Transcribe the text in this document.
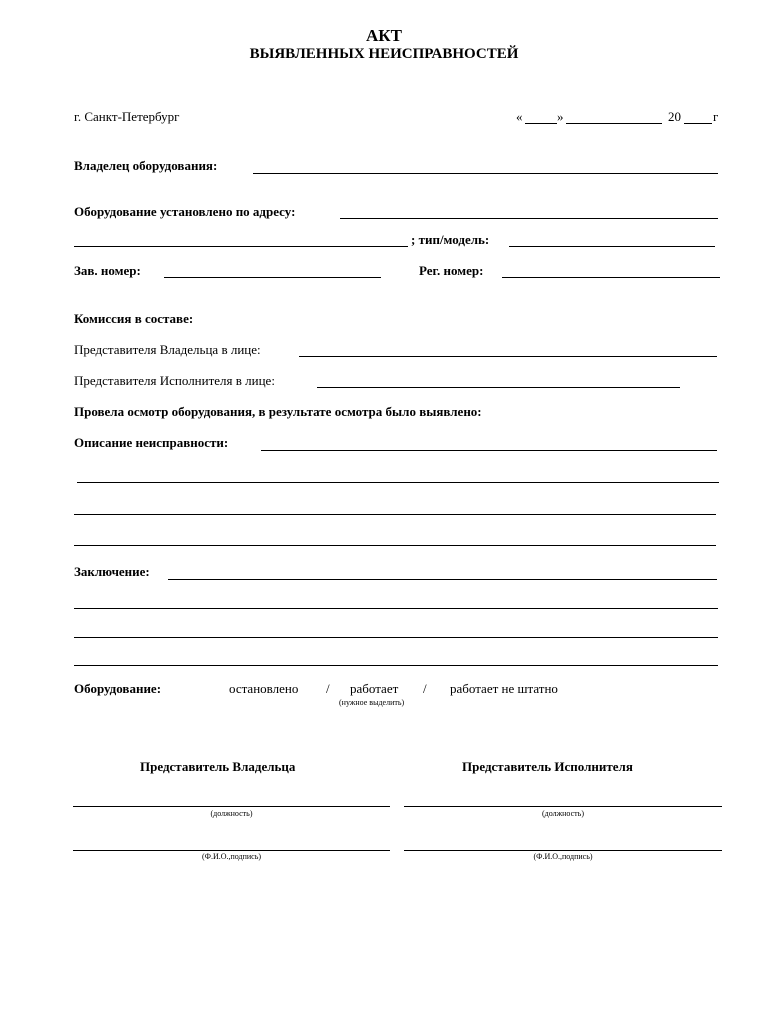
АКТ
ВЫЯВЛЕННЫХ НЕИСПРАВНОСТЕЙ
г. Санкт-Петербург	«	»	20 г
Владелец оборудования:
Оборудование установлено по адресу:
; тип/модель:
Зав. номер:	Рег. номер:
Комиссия в составе:
Представителя Владельца в лице:
Представителя Исполнителя в лице:
Провела осмотр оборудования, в результате осмотра было выявлено:
Описание неисправности:
Заключение:
Оборудование:	остановлено / работает / работает не штатно
(нужное выделить)
Представитель Владельца	Представитель Исполнителя
(должность)	(должность)
(Ф.И.О.,подпись)	(Ф.И.О.,подпись)
